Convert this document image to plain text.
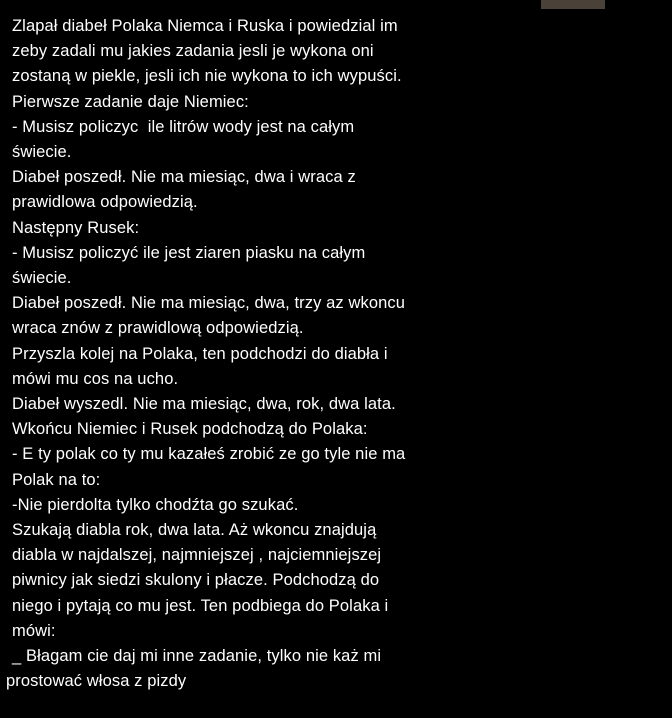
Zlapał diabeł Polaka Niemca i Ruska i powiedzial im
zeby zadali mu jakies zadania jesli je wykona oni
zostaną w piekle, jesli ich nie wykona to ich wypuści.
Pierwsze zadanie daje Niemiec:
- Musisz policzyc  ile litrów wody jest na całym
świecie.
Diabeł poszedł. Nie ma miesiąc, dwa i wraca z
prawidlowa odpowiedzią.
Następny Rusek:
- Musisz policzyć ile jest ziaren piasku na całym
świecie.
Diabeł poszedł. Nie ma miesiąc, dwa, trzy az wkoncu
wraca znów z prawidlową odpowiedzią.
Przyszla kolej na Polaka, ten podchodzi do diabła i
mówi mu cos na ucho.
Diabeł wyszedl. Nie ma miesiąc, dwa, rok, dwa lata.
Wkońcu Niemiec i Rusek podchodzą do Polaka:
- E ty polak co ty mu kazałeś zrobić ze go tyle nie ma
Polak na to:
-Nie pierdolta tylko chodźta go szukać.
Szukają diabla rok, dwa lata. Aż wkoncu znajdują
diabla w najdalszej, najmniejszej , najciemniejszej
piwnicy jak siedzi skulony i płacze. Podchodzą do
niego i pytają co mu jest. Ten podbiega do Polaka i
mówi:
_ Błagam cie daj mi inne zadanie, tylko nie każ mi
prostować włosa z pizdy
